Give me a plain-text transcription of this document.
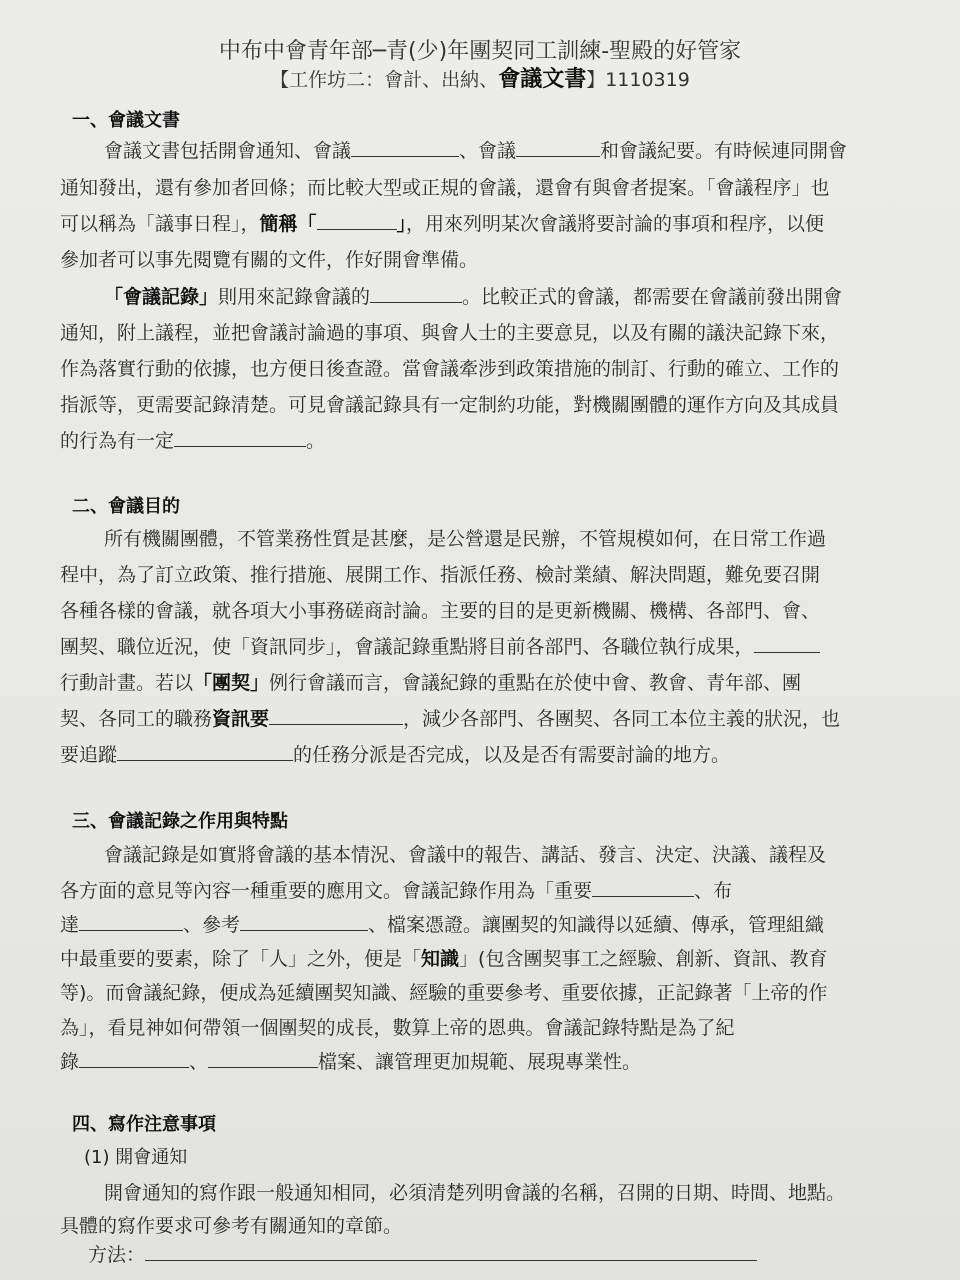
中布中會青年部─青(少)年團契同工訓練-聖殿的好管家
【工作坊二：會計、出納、會議文書】1110319
一、會議文書
會議文書包括開會通知、會議	、會議	和會議紀要。有時候連同開會
通知發出，還有參加者回條；而比較大型或正規的會議，還會有與會者提案。「會議程序」也
可以稱為「議事日程」，簡稱「	」，用來列明某次會議將要討論的事項和程序，以便
參加者可以事先閱覽有關的文件，作好開會準備。
「會議記錄」則用來記錄會議的	。比較正式的會議，都需要在會議前發出開會
通知，附上議程，並把會議討論過的事項、與會人士的主要意見，以及有關的議決記錄下來，
作為落實行動的依據，也方便日後查證。當會議牽涉到政策措施的制訂、行動的確立、工作的
指派等，更需要記錄清楚。可見會議記錄具有一定制約功能，對機關團體的運作方向及其成員
的行為有一定	。
二、會議目的
所有機關團體，不管業務性質是甚麼，是公營還是民辦，不管規模如何，在日常工作過
程中，為了訂立政策、推行措施、展開工作、指派任務、檢討業績、解決問題，難免要召開
各種各樣的會議，就各項大小事務磋商討論。主要的目的是更新機關、機構、各部門、會、
團契、職位近況，使「資訊同步」，會議記錄重點將目前各部門、各職位執行成果，
行動計畫。若以「團契」例行會議而言，會議紀錄的重點在於使中會、教會、青年部、團
契、各同工的職務資訊要	，減少各部門、各團契、各同工本位主義的狀況，也
要追蹤	的任務分派是否完成，以及是否有需要討論的地方。
三、會議記錄之作用與特點
會議記錄是如實將會議的基本情況、會議中的報告、講話、發言、決定、決議、議程及
各方面的意見等內容一種重要的應用文。會議記錄作用為「重要	、布
達	、參考	、檔案憑證。讓團契的知識得以延續、傳承，管理組織
中最重要的要素，除了「人」之外，便是「知識」(包含團契事工之經驗、創新、資訊、教育
等)。而會議紀錄，便成為延續團契知識、經驗的重要參考、重要依據，正記錄著「上帝的作
為」，看見神如何帶領一個團契的成長，數算上帝的恩典。會議記錄特點是為了紀
錄	、	檔案、讓管理更加規範、展現專業性。
四、寫作注意事項
(1) 開會通知
開會通知的寫作跟一般通知相同，必須清楚列明會議的名稱，召開的日期、時間、地點。
具體的寫作要求可參考有關通知的章節。
方法：
